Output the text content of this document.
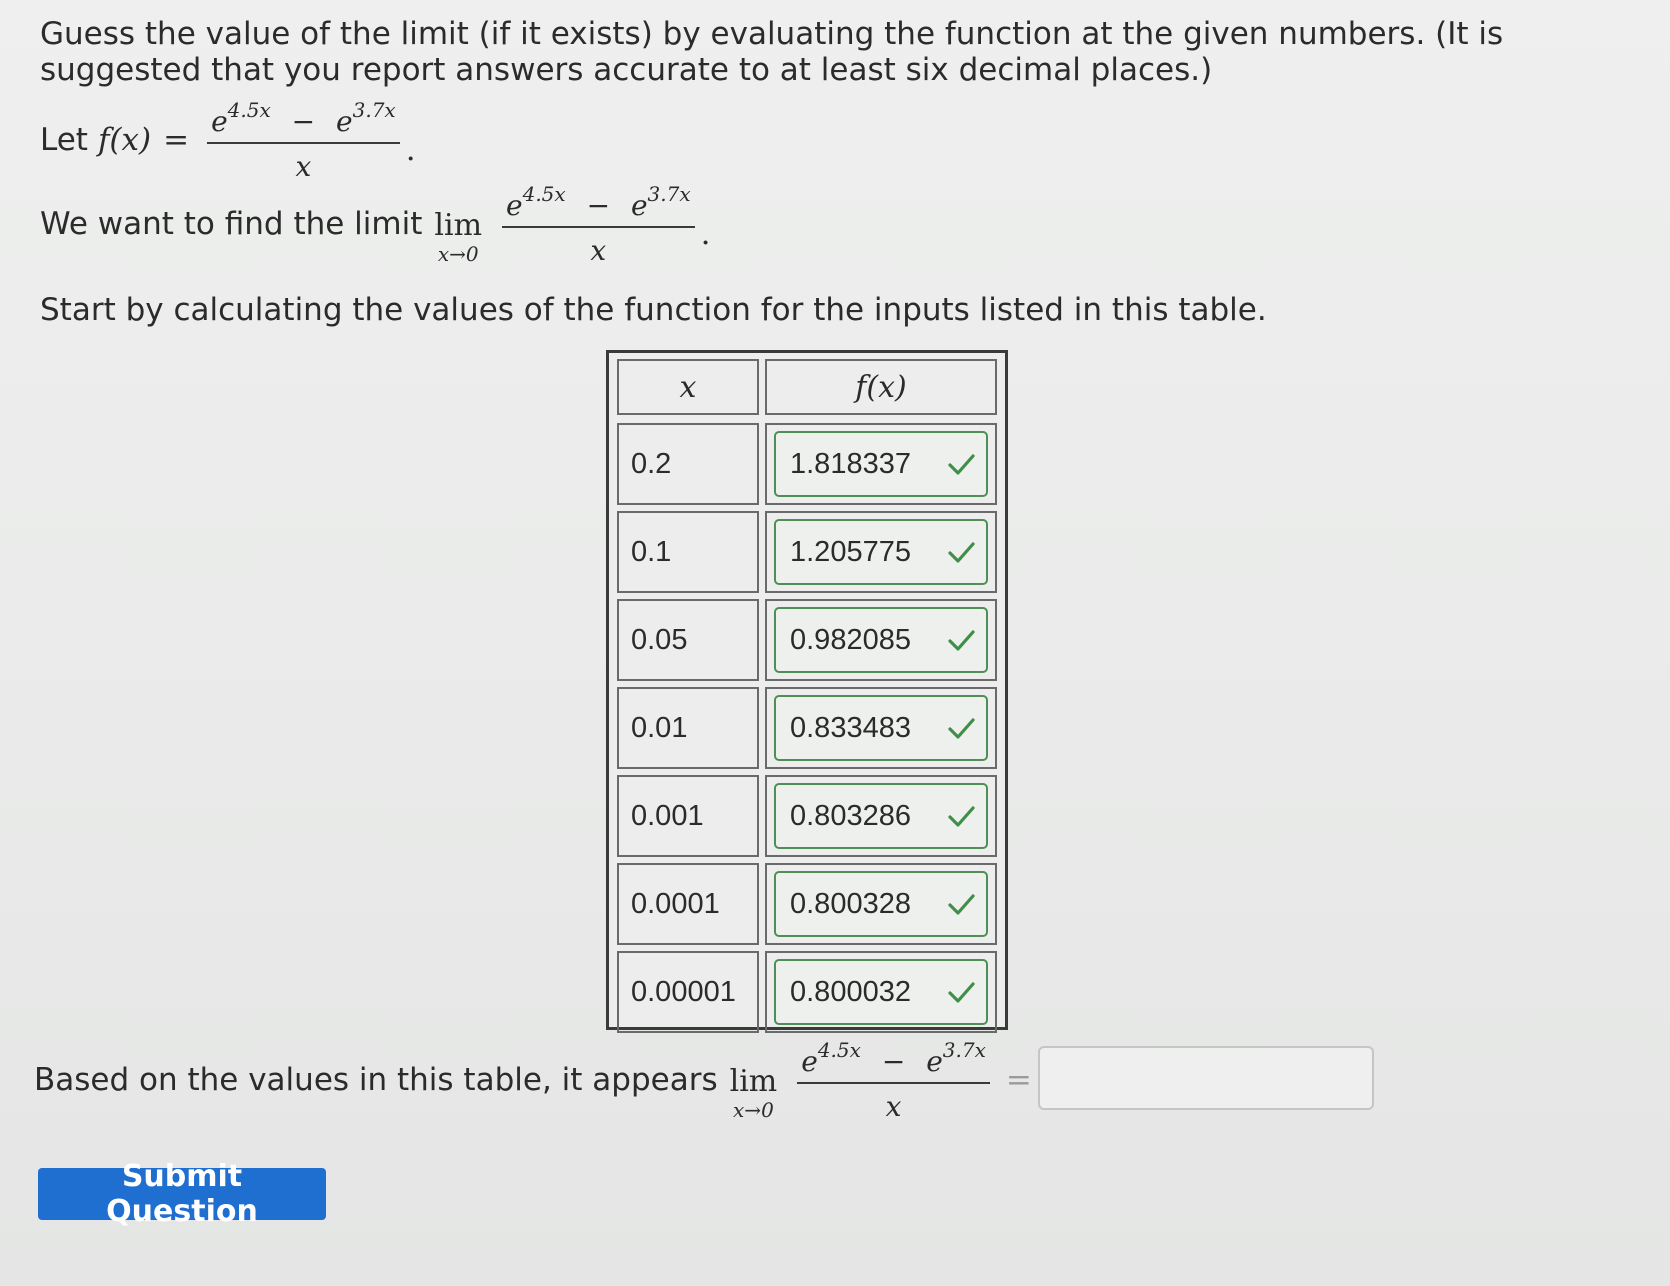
Guess the value of the limit (if it exists) by evaluating the function at the given numbers. (It is suggested that you report answers accurate to at least six decimal places.)
Let $f(x) = \frac{e^{4.5x} - e^{3.7x}}{x}$ .
We want to find the limit lim
$x\to 0 \frac{e^{4.5x} - e^{3.7x}}{x}$ .
Start by calculating the values of the function for the inputs listed in this table.
x	f(x)
0.2	1.818337
0.1	1.205775
0.05	0.982085
0.01	0.833483
0.001	0.803286
0.0001	0.800328
0.00001	0.800032
Based on the values in this table, it appears lim
$x\to 0 \frac{e^{4.5x} - e^{3.7x}}{x}$ =
Submit Question
